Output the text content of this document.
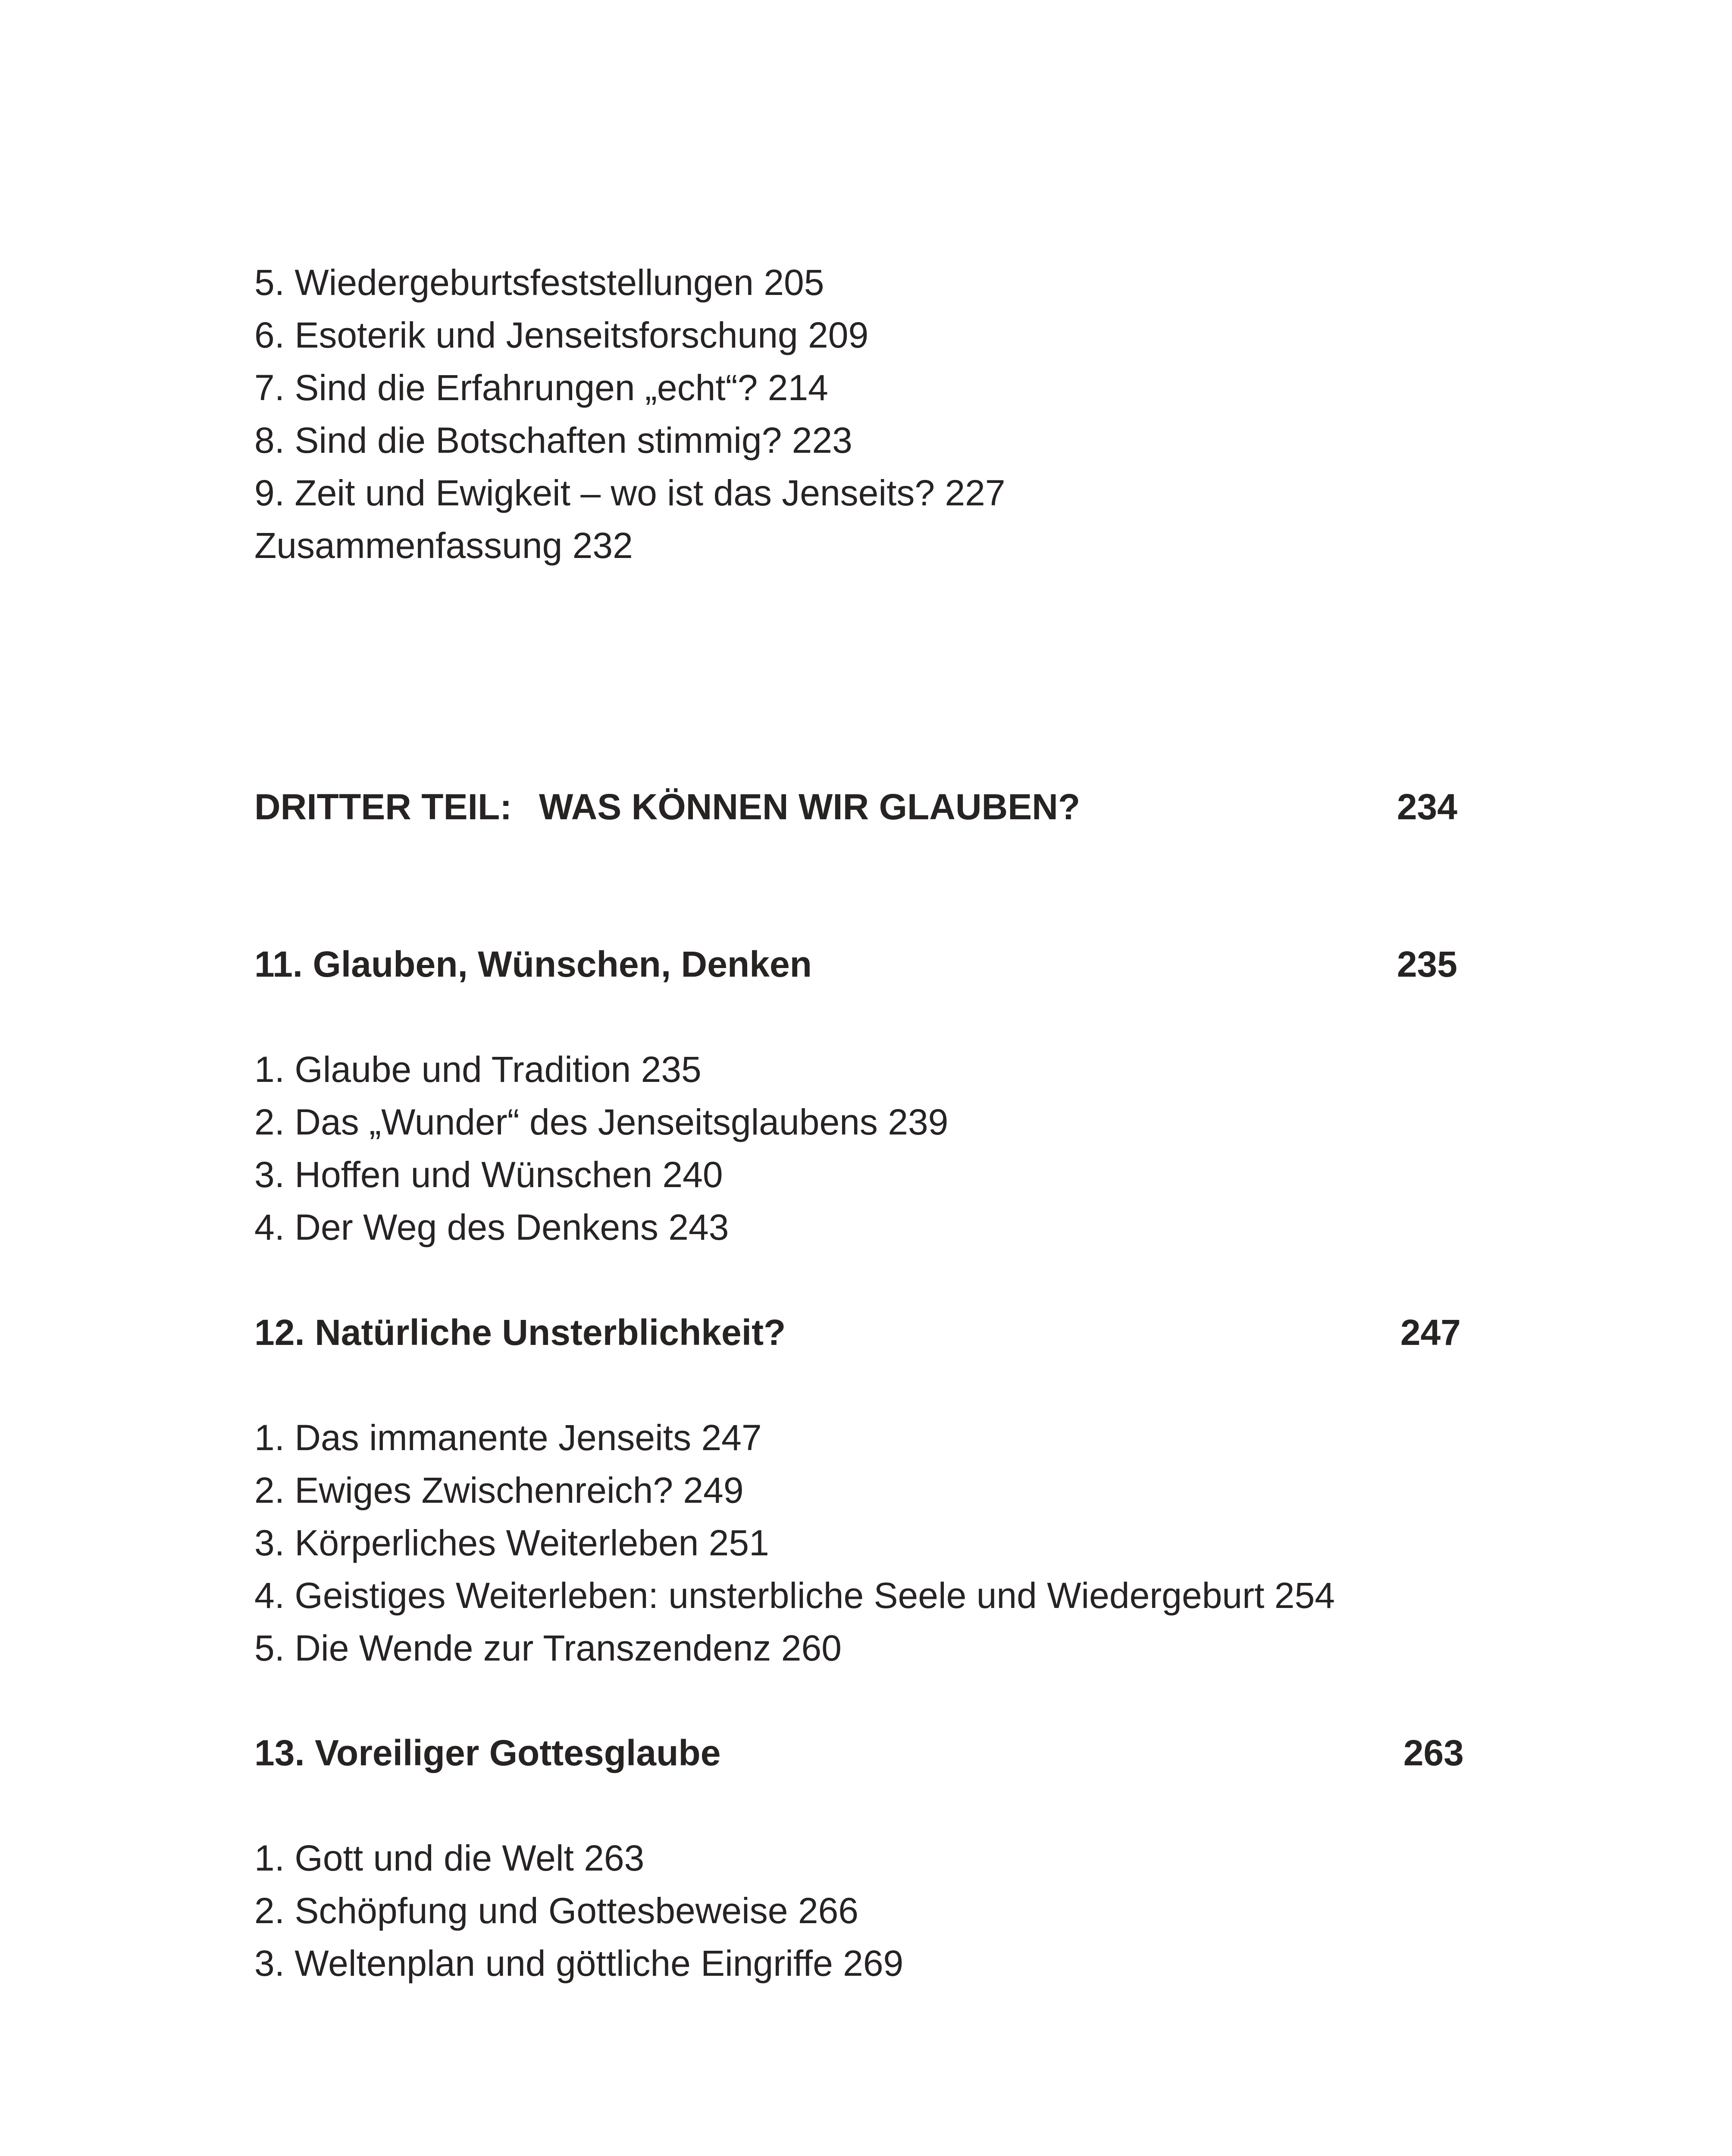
5. Wiedergeburtsfeststellungen 205

6. Esoterik und Jenseitsforschung 209

7. Sind die Erfahrungen „echt“? 214

8. Sind die Botschaften stimmig? 223

9. Zeit und Ewigkeit – wo ist das Jenseits? 227

Zusammenfassung 232

DRITTER TEIL: WAS KÖNNEN WIR GLAUBEN?	234
11. Glauben, Wünschen, Denken	235

1. Glaube und Tradition 235

2. Das „Wunder“ des Jenseitsglaubens 239

3. Hoffen und Wünschen 240

4. Der Weg des Denkens 243

12. Natürliche Unsterblichkeit?	247

1. Das immanente Jenseits 247

2. Ewiges Zwischenreich? 249

3. Körperliches Weiterleben 251

4. Geistiges Weiterleben: unsterbliche Seele und Wiedergeburt 254

5. Die Wende zur Transzendenz 260

13. Voreiliger Gottesglaube	263

1. Gott und die Welt 263

2. Schöpfung und Gottesbeweise 266

3. Weltenplan und göttliche Eingriffe 269
